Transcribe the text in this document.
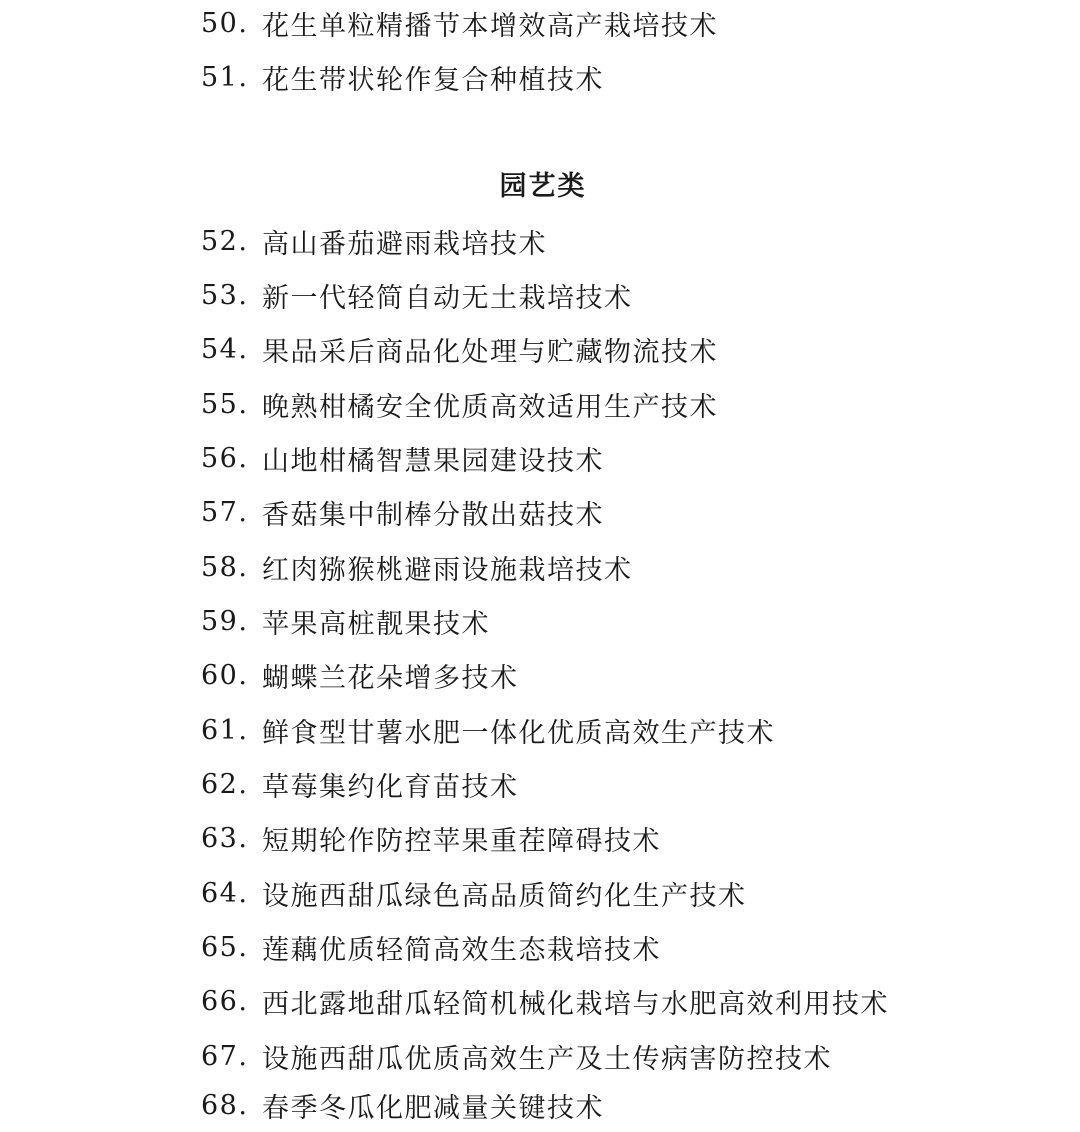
50. 花生单粒精播节本增效高产栽培技术
51. 花生带状轮作复合种植技术
园艺类
52. 高山番茄避雨栽培技术
53. 新一代轻简自动无土栽培技术
54. 果品采后商品化处理与贮藏物流技术
55. 晚熟柑橘安全优质高效适用生产技术
56. 山地柑橘智慧果园建设技术
57. 香菇集中制棒分散出菇技术
58. 红肉猕猴桃避雨设施栽培技术
59. 苹果高桩靓果技术
60. 蝴蝶兰花朵增多技术
61. 鲜食型甘薯水肥一体化优质高效生产技术
62. 草莓集约化育苗技术
63. 短期轮作防控苹果重茬障碍技术
64. 设施西甜瓜绿色高品质简约化生产技术
65. 莲藕优质轻简高效生态栽培技术
66. 西北露地甜瓜轻简机械化栽培与水肥高效利用技术
67. 设施西甜瓜优质高效生产及土传病害防控技术
68. 春季冬瓜化肥减量关键技术
